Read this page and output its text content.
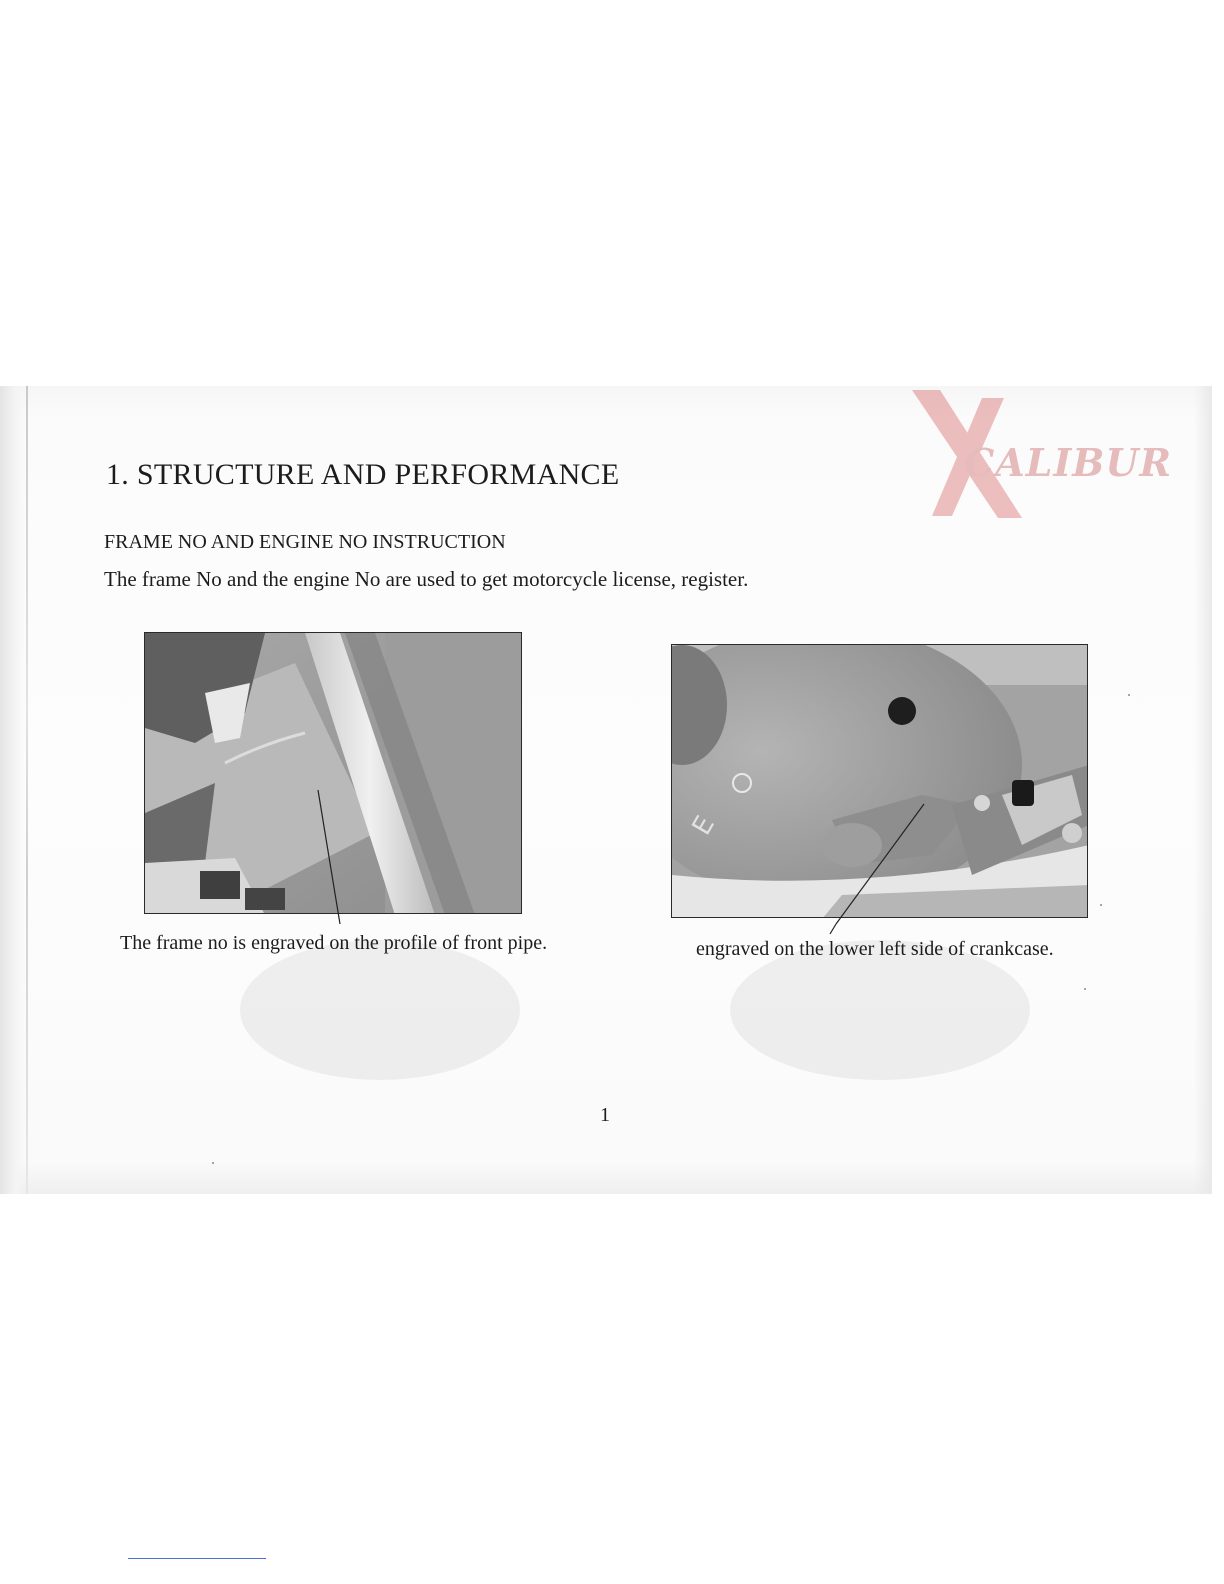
CALIBUR
1. STRUCTURE AND PERFORMANCE
FRAME NO AND ENGINE NO INSTRUCTION

The frame No and the engine No are used to get motorcycle license, register.

E

The frame no is engraved on the profile of front pipe.	engraved on the lower left side of crankcase.

1
